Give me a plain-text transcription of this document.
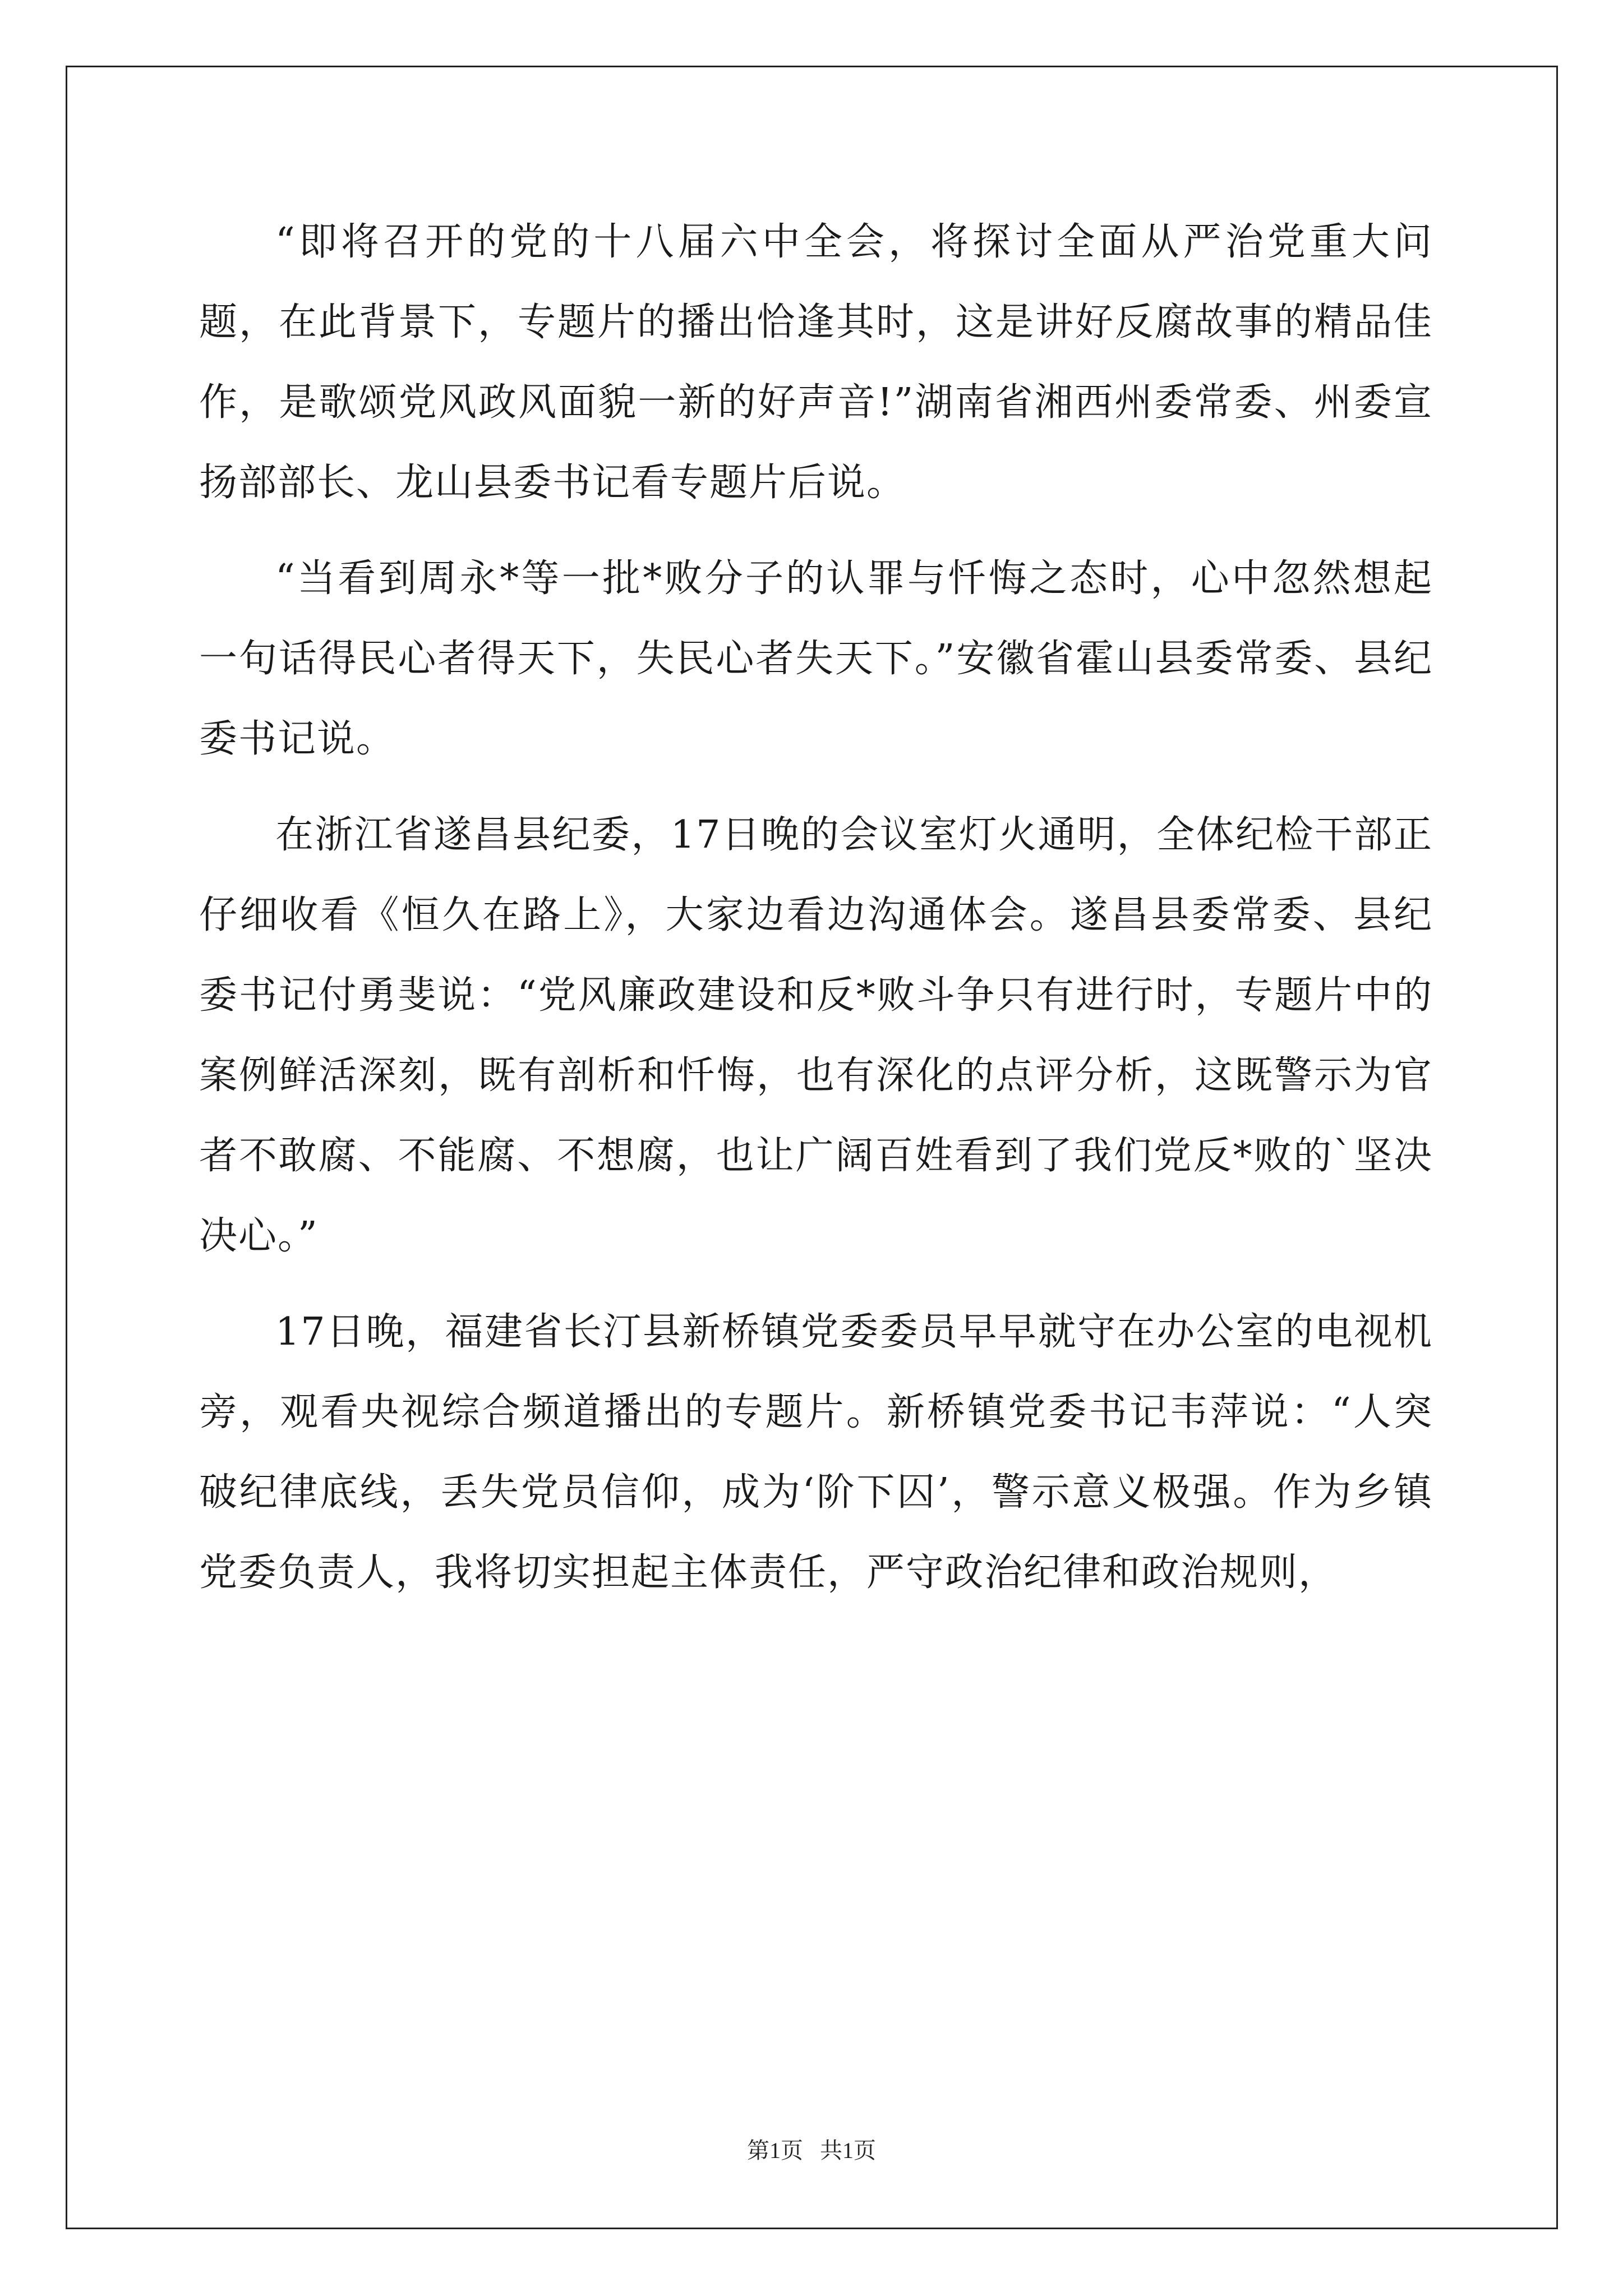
“即将召开的党的十八届六中全会，将探讨全面从严治党重大问题，在此背景下，专题片的播出恰逢其时，这是讲好反腐故事的精品佳作，是歌颂党风政风面貌一新的好声音!”湖南省湘西州委常委、州委宣扬部部长、龙山县委书记看专题片后说。

“当看到周永*等一批*败分子的认罪与忏悔之态时，心中忽然想起一句话得民心者得天下，失民心者失天下。”安徽省霍山县委常委、县纪委书记说。

在浙江省遂昌县纪委，17日晚的会议室灯火通明，全体纪检干部正仔细收看《恒久在路上》，大家边看边沟通体会。遂昌县委常委、县纪委书记付勇斐说：“党风廉政建设和反*败斗争只有进行时，专题片中的案例鲜活深刻，既有剖析和忏悔，也有深化的点评分析，这既警示为官者不敢腐、不能腐、不想腐，也让广阔百姓看到了我们党反*败的`坚决决心。”

17日晚，福建省长汀县新桥镇党委委员早早就守在办公室的电视机旁，观看央视综合频道播出的专题片。新桥镇党委书记韦萍说：“人突破纪律底线，丢失党员信仰，成为‘阶下囚’，警示意义极强。作为乡镇党委负责人，我将切实担起主体责任，严守政治纪律和政治规则，

第1页 共1页
